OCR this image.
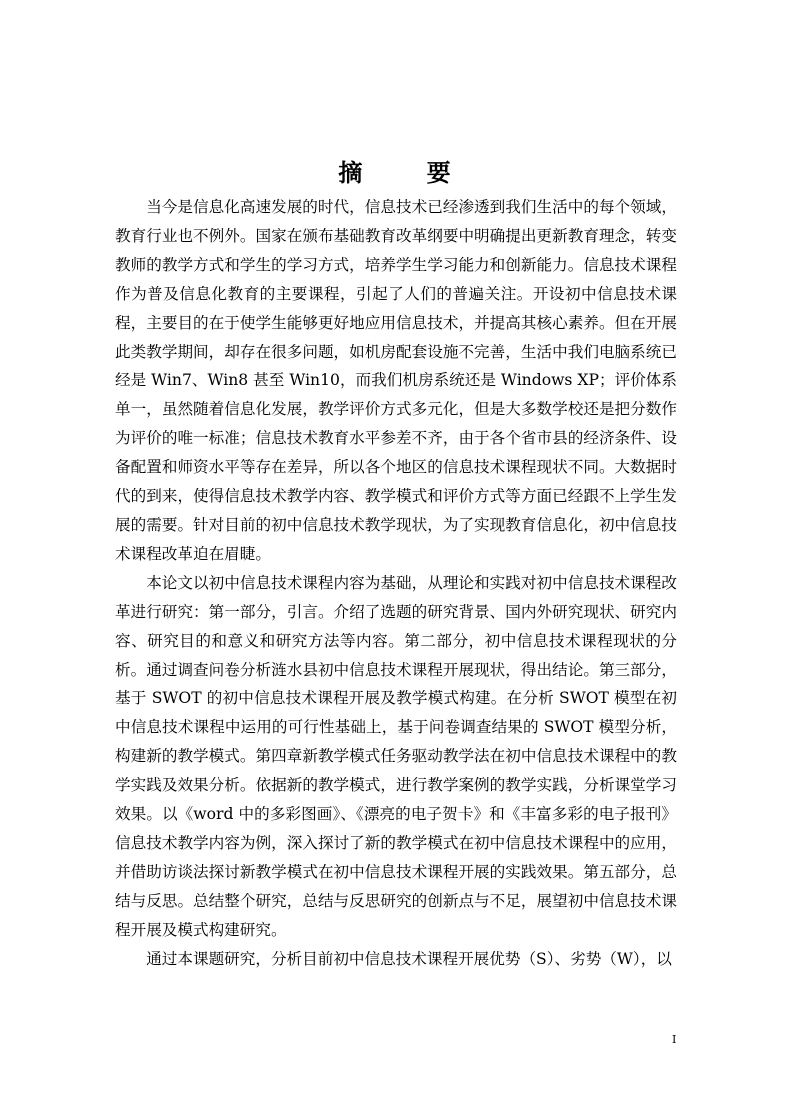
摘 要

当今是信息化高速发展的时代，信息技术已经渗透到我们生活中的每个领域，教育行业也不例外。国家在颁布基础教育改革纲要中明确提出更新教育理念，转变教师的教学方式和学生的学习方式，培养学生学习能力和创新能力。信息技术课程作为普及信息化教育的主要课程，引起了人们的普遍关注。开设初中信息技术课程，主要目的在于使学生能够更好地应用信息技术，并提高其核心素养。但在开展此类教学期间，却存在很多问题，如机房配套设施不完善，生活中我们电脑系统已经是 Win7、Win8 甚至 Win10，而我们机房系统还是 Windows XP；评价体系单一，虽然随着信息化发展，教学评价方式多元化，但是大多数学校还是把分数作为评价的唯一标准；信息技术教育水平参差不齐，由于各个省市县的经济条件、设备配置和师资水平等存在差异，所以各个地区的信息技术课程现状不同。大数据时代的到来，使得信息技术教学内容、教学模式和评价方式等方面已经跟不上学生发展的需要。针对目前的初中信息技术教学现状，为了实现教育信息化，初中信息技术课程改革迫在眉睫。

本论文以初中信息技术课程内容为基础，从理论和实践对初中信息技术课程改革进行研究：第一部分，引言。介绍了选题的研究背景、国内外研究现状、研究内容、研究目的和意义和研究方法等内容。第二部分，初中信息技术课程现状的分析。通过调查问卷分析涟水县初中信息技术课程开展现状，得出结论。第三部分，基于 SWOT 的初中信息技术课程开展及教学模式构建。在分析 SWOT 模型在初中信息技术课程中运用的可行性基础上，基于问卷调查结果的 SWOT 模型分析，构建新的教学模式。第四章新教学模式任务驱动教学法在初中信息技术课程中的教学实践及效果分析。依据新的教学模式，进行教学案例的教学实践，分析课堂学习效果。以《word 中的多彩图画》、《漂亮的电子贺卡》和《丰富多彩的电子报刊》信息技术教学内容为例，深入探讨了新的教学模式在初中信息技术课程中的应用，并借助访谈法探讨新教学模式在初中信息技术课程开展的实践效果。第五部分，总结与反思。总结整个研究，总结与反思研究的创新点与不足，展望初中信息技术课程开展及模式构建研究。

通过本课题研究，分析目前初中信息技术课程开展优势（S）、劣势（W），以

I
